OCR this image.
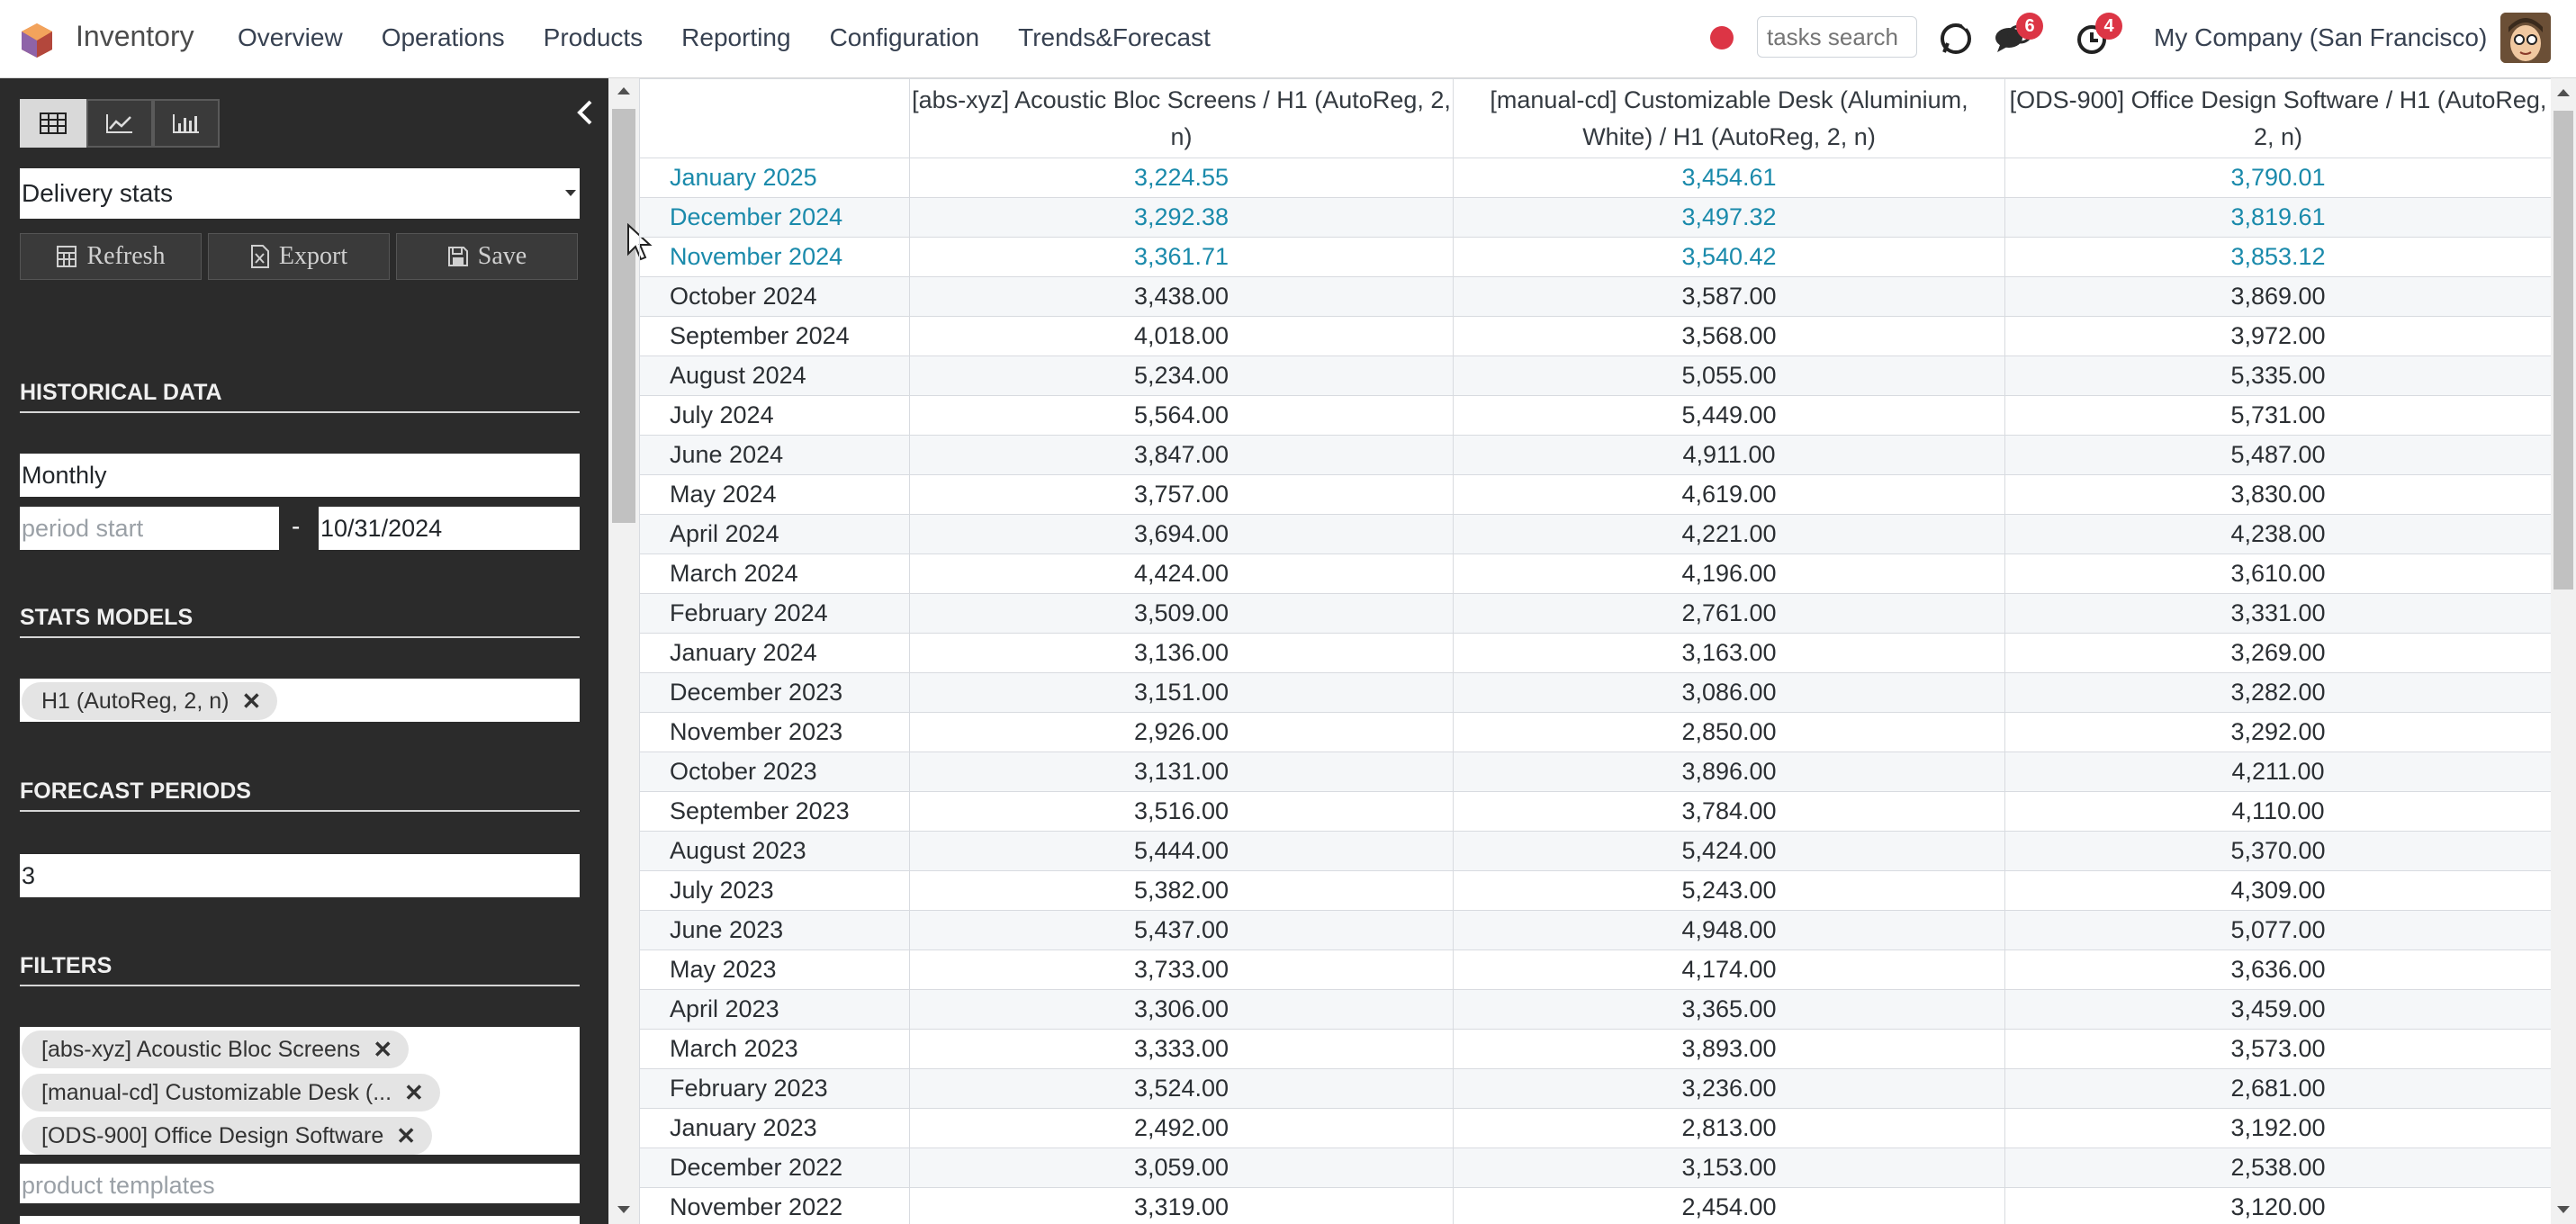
Inventory Overview Operations Products Reporting Configuration Trends&Forecast
tasks search	6	4	My Company (San Francisco)
Delivery stats
Refresh	Export	Save
HISTORICAL DATA
Monthly
period start	- 10/31/2024
STATS MODELS
H1 (AutoReg, 2, n) ✕
FORECAST PERIODS
3
FILTERS
[abs-xyz] Acoustic Bloc Screens ✕
[manual-cd] Customizable Desk (... ✕
[ODS-900] Office Design Software ✕
product templates
	[abs-xyz] Acoustic Bloc Screens / H1 (AutoReg, 2, n)	[manual-cd] Customizable Desk (Aluminium, White) / H1 (AutoReg, 2, n)	[ODS-900] Office Design Software / H1 (AutoReg, 2, n)
January 2025	3,224.55	3,454.61	3,790.01
December 2024	3,292.38	3,497.32	3,819.61
November 2024	3,361.71	3,540.42	3,853.12
October 2024	3,438.00	3,587.00	3,869.00
September 2024	4,018.00	3,568.00	3,972.00
August 2024	5,234.00	5,055.00	5,335.00
July 2024	5,564.00	5,449.00	5,731.00
June 2024	3,847.00	4,911.00	5,487.00
May 2024	3,757.00	4,619.00	3,830.00
April 2024	3,694.00	4,221.00	4,238.00
March 2024	4,424.00	4,196.00	3,610.00
February 2024	3,509.00	2,761.00	3,331.00
January 2024	3,136.00	3,163.00	3,269.00
December 2023	3,151.00	3,086.00	3,282.00
November 2023	2,926.00	2,850.00	3,292.00
October 2023	3,131.00	3,896.00	4,211.00
September 2023	3,516.00	3,784.00	4,110.00
August 2023	5,444.00	5,424.00	5,370.00
July 2023	5,382.00	5,243.00	4,309.00
June 2023	5,437.00	4,948.00	5,077.00
May 2023	3,733.00	4,174.00	3,636.00
April 2023	3,306.00	3,365.00	3,459.00
March 2023	3,333.00	3,893.00	3,573.00
February 2023	3,524.00	3,236.00	2,681.00
January 2023	2,492.00	2,813.00	3,192.00
December 2022	3,059.00	3,153.00	2,538.00
November 2022	3,319.00	2,454.00	3,120.00
